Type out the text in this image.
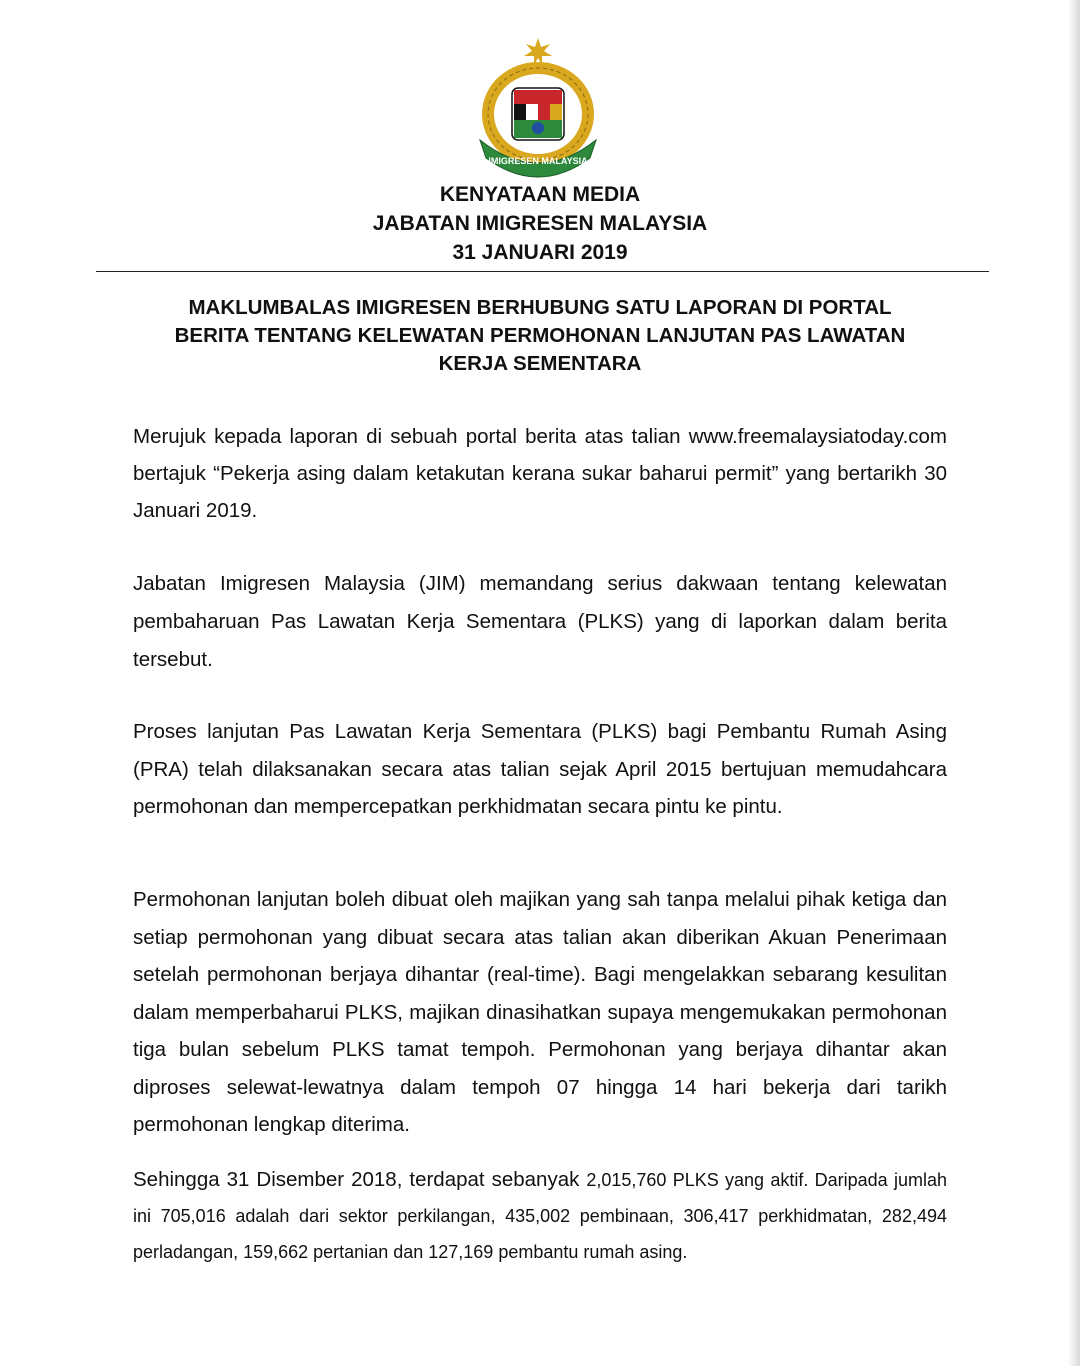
IMIGRESEN MALAYSIA
KENYATAAN MEDIA
JABATAN IMIGRESEN MALAYSIA
31 JANUARI 2019
MAKLUMBALAS IMIGRESEN BERHUBUNG SATU LAPORAN DI PORTAL
BERITA TENTANG KELEWATAN PERMOHONAN LANJUTAN PAS LAWATAN
KERJA SEMENTARA

Merujuk kepada laporan di sebuah portal berita atas talian www.freemalaysiatoday.com bertajuk “Pekerja asing dalam ketakutan kerana sukar baharui permit” yang bertarikh 30 Januari 2019.

Jabatan Imigresen Malaysia (JIM) memandang serius dakwaan tentang kelewatan pembaharuan Pas Lawatan Kerja Sementara (PLKS) yang di laporkan dalam berita tersebut.

Proses lanjutan Pas Lawatan Kerja Sementara (PLKS) bagi Pembantu Rumah Asing (PRA) telah dilaksanakan secara atas talian sejak April 2015 bertujuan memudahcara permohonan dan mempercepatkan perkhidmatan secara pintu ke pintu.

Permohonan lanjutan boleh dibuat oleh majikan yang sah tanpa melalui pihak ketiga dan setiap permohonan yang dibuat secara atas talian akan diberikan Akuan Penerimaan setelah permohonan berjaya dihantar (real-time). Bagi mengelakkan sebarang kesulitan dalam memperbaharui PLKS, majikan dinasihatkan supaya mengemukakan permohonan tiga bulan sebelum PLKS tamat tempoh. Permohonan yang berjaya dihantar akan diproses selewat-lewatnya dalam tempoh 07 hingga 14 hari bekerja dari tarikh permohonan lengkap diterima.

Sehingga 31 Disember 2018, terdapat sebanyak 2,015,760 PLKS yang aktif. Daripada jumlah ini 705,016 adalah dari sektor perkilangan, 435,002 pembinaan, 306,417 perkhidmatan, 282,494 perladangan, 159,662 pertanian dan 127,169 pembantu rumah asing.
